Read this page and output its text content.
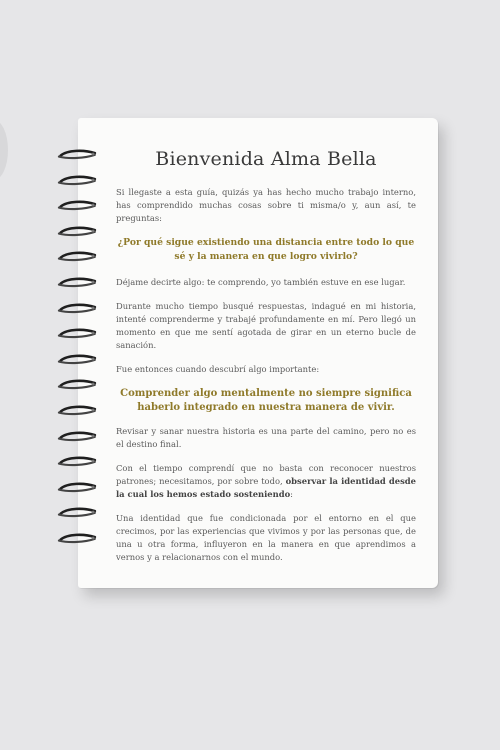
Bienvenida Alma Bella

Si llegaste a esta guía, quizás ya has hecho mucho trabajo interno, has comprendido muchas cosas sobre ti misma/o y, aun así, te preguntas:

¿Por qué sigue existiendo una distancia entre todo lo que sé y la manera en que logro vivirlo?

Déjame decirte algo: te comprendo, yo también estuve en ese lugar.

Durante mucho tiempo busqué respuestas, indagué en mi historia, intenté comprenderme y trabajé profundamente en mí. Pero llegó un momento en que me sentí agotada de girar en un eterno bucle de sanación.

Fue entonces cuando descubrí algo importante:

Comprender algo mentalmente no siempre significa haberlo integrado en nuestra manera de vivir.

Revisar y sanar nuestra historia es una parte del camino, pero no es el destino final.

Con el tiempo comprendí que no basta con reconocer nuestros patrones; necesitamos, por sobre todo, observar la identidad desde la cual los hemos estado sosteniendo:

Una identidad que fue condicionada por el entorno en el que crecimos, por las experiencias que vivimos y por las personas que, de una u otra forma, influyeron en la manera en que aprendimos a vernos y a relacionarnos con el mundo.
